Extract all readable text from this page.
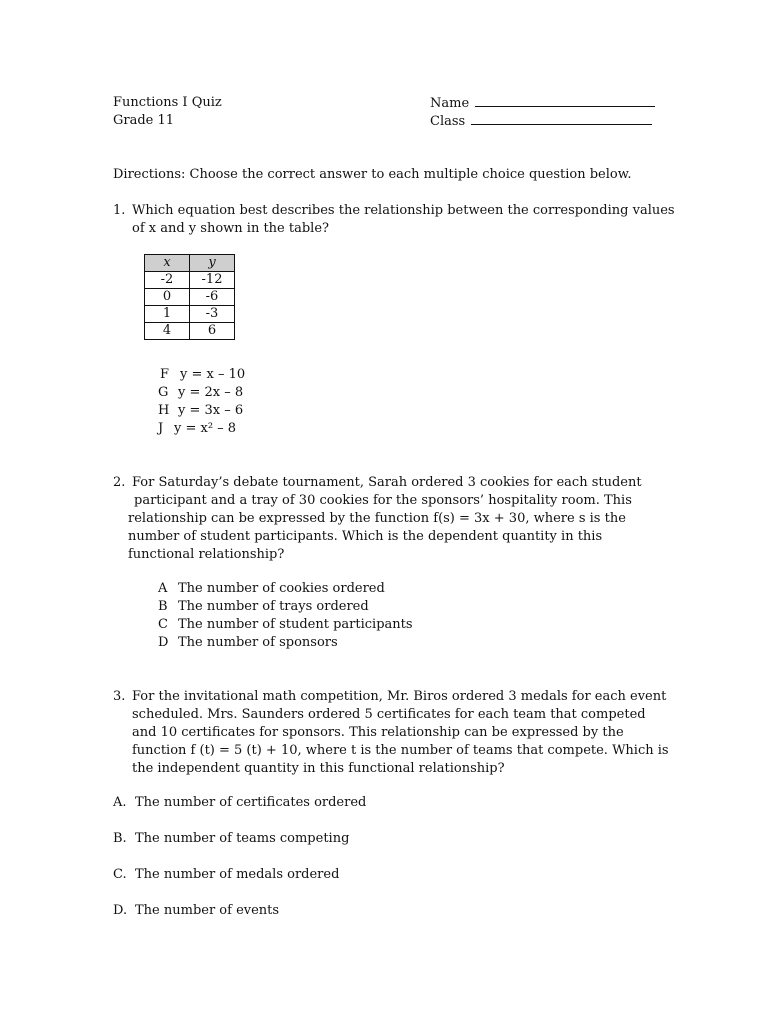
Functions I Quiz
Grade 11
Name
Class
Directions: Choose the correct answer to each multiple choice question below.
1. Which equation best describes the relationship between the corresponding values
of x and y shown in the table?
x	y
-2	-12
0	-6
1	-3
4	6
F y = x – 10
G y = 2x – 8
H y = 3x – 6
J y = x² – 8
2. For Saturday’s debate tournament, Sarah ordered 3 cookies for each student
participant and a tray of 30 cookies for the sponsors’ hospitality room. This
relationship can be expressed by the function f(s) = 3x + 30, where s is the
number of student participants. Which is the dependent quantity in this
functional relationship?
A The number of cookies ordered
B The number of trays ordered
C The number of student participants
D The number of sponsors
3. For the invitational math competition, Mr. Biros ordered 3 medals for each event
scheduled. Mrs. Saunders ordered 5 certificates for each team that competed
and 10 certificates for sponsors. This relationship can be expressed by the
function f (t) = 5 (t) + 10, where t is the number of teams that compete. Which is
the independent quantity in this functional relationship?
A. The number of certificates ordered
B. The number of teams competing
C. The number of medals ordered
D. The number of events
